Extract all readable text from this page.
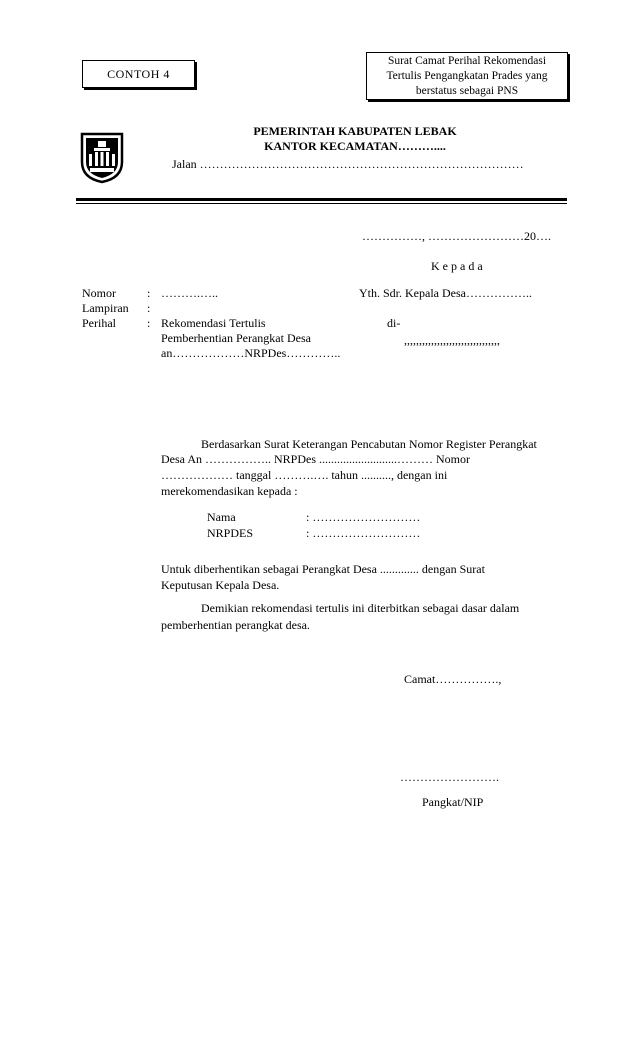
CONTOH 4
Surat Camat Perihal Rekomendasi
Tertulis Pengangkatan Prades yang
berstatus sebagai PNS
PEMERINTAH KABUPATEN LEBAK
KANTOR KECAMATAN………....
Jalan ………………………………………………………………………
……………, ……………………20….
K e p a d a
Nomor	: ……….…..
Lampiran :
Perihal	: Rekomendasi Tertulis
Pemberhentian Perangkat Desa
an………………NRPDes…………..
Yth. Sdr. Kepala Desa……………..
di-
,,,,,,,,,,,,,,,,,,,,,,,,,,,,,,,,
Berdasarkan Surat Keterangan Pencabutan Nomor Register Perangkat
Desa An …………….. NRPDes ..........................……… Nomor
……………… tanggal ……….…. tahun .........., dengan ini
merekomendasikan kepada :
Nama	: ………………………
NRPDES	: ………………………
Untuk diberhentikan sebagai Perangkat Desa ............. dengan Surat
Keputusan Kepala Desa.
Demikian rekomendasi tertulis ini diterbitkan sebagai dasar dalam
pemberhentian perangkat desa.
Camat…………….,
…………………….
Pangkat/NIP
